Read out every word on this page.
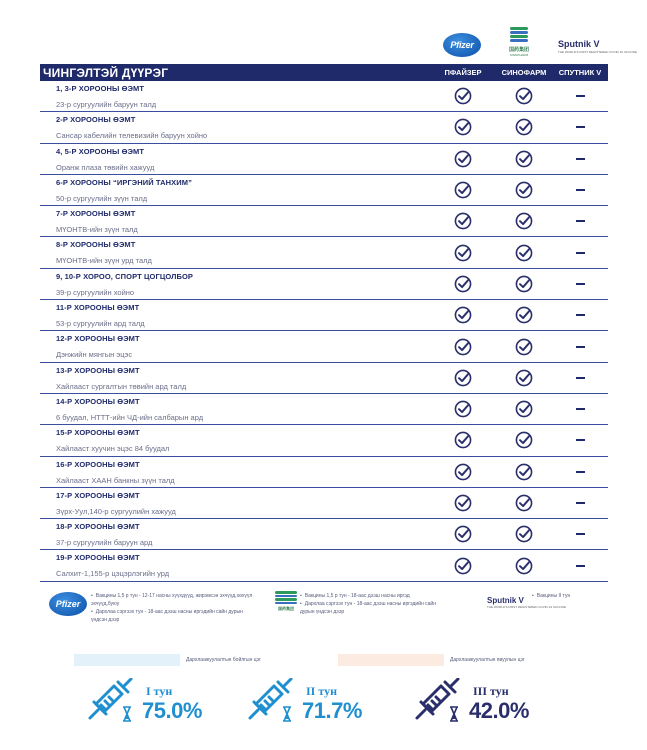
Pfizer	国药集团
SINOPHARM
Sputnik V
THE WORLD'S FIRST REGISTERED COVID-19 VACCINE
ЧИНГЭЛТЭЙ ДҮҮРЭГ	ПФАЙЗЕР	СИНОФАРМ	СПУТНИК V
1, 3-Р ХОРООНЫ ӨЭМТ
23-р сургуулийн баруун талд
2-Р ХОРООНЫ ӨЭМТ
Сансар кабелийн телевизийн баруун хойно
4, 5-Р ХОРООНЫ ӨЭМТ
Оранж плаза төвийн хажууд
6-Р ХОРООНЫ “ИРГЭНИЙ ТАНХИМ”
50-р сургуулийн зүүн талд
7-Р ХОРООНЫ ӨЭМТ
МҮОНТВ-ийн зүүн талд
8-Р ХОРООНЫ ӨЭМТ
МҮОНТВ-ийн зүүн урд талд
9, 10-Р ХОРОО, СПОРТ ЦОГЦОЛБОР
39-р сургуулийн хойно
11-Р ХОРООНЫ ӨЭМТ
53-р сургуулийн ард талд
12-Р ХОРООНЫ ӨЭМТ
Дэнжийн мянгын эцэс
13-Р ХОРООНЫ ӨЭМТ
Хайлааст сургалтын төвийн ард талд
14-Р ХОРООНЫ ӨЭМТ
6 буудал, НТТТ-ийн ЧД-ийн салбарын ард
15-Р ХОРООНЫ ӨЭМТ
Хайлааст хуучин эцэс 84 буудал
16-Р ХОРООНЫ ӨЭМТ
Хайлааст ХААН банкны зүүн талд
17-Р ХОРООНЫ ӨЭМТ
Зүрх-Уул,140-р сургуулийн хажууд
18-Р ХОРООНЫ ӨЭМТ
37-р сургуулийн баруун ард
19-Р ХОРООНЫ ӨЭМТ
Салхит-1,155-р цэцэрлэгийн урд
Pfizer
• Вакцины 1,5 р тун - 12-17 насны хүүхдүүд, жирэмсэн эхчүүд,хөхүүл эхчүүд,буюу
• Дархлаа сэргээх тун - 18-аас дээш насны иргэдийн сайн дурын үндсэн дээр
国药集团
• Вакцины 1,5 р тун - 18-аас дээш насны иргэд
• Дархлаа сэргээх тун - 18-аас дээш насны иргэдийн сайн дурын үндсэн дээр
Sputnik V
THE WORLD'S FIRST REGISTERED COVID-19 VACCINE
• Вакцины II тун
Дархлаажуулалтын бойлгын цэг	Дархлаажуулалтын явуулын цэг
I тун
75.0%
II тун
71.7%
III тун
42.0%
